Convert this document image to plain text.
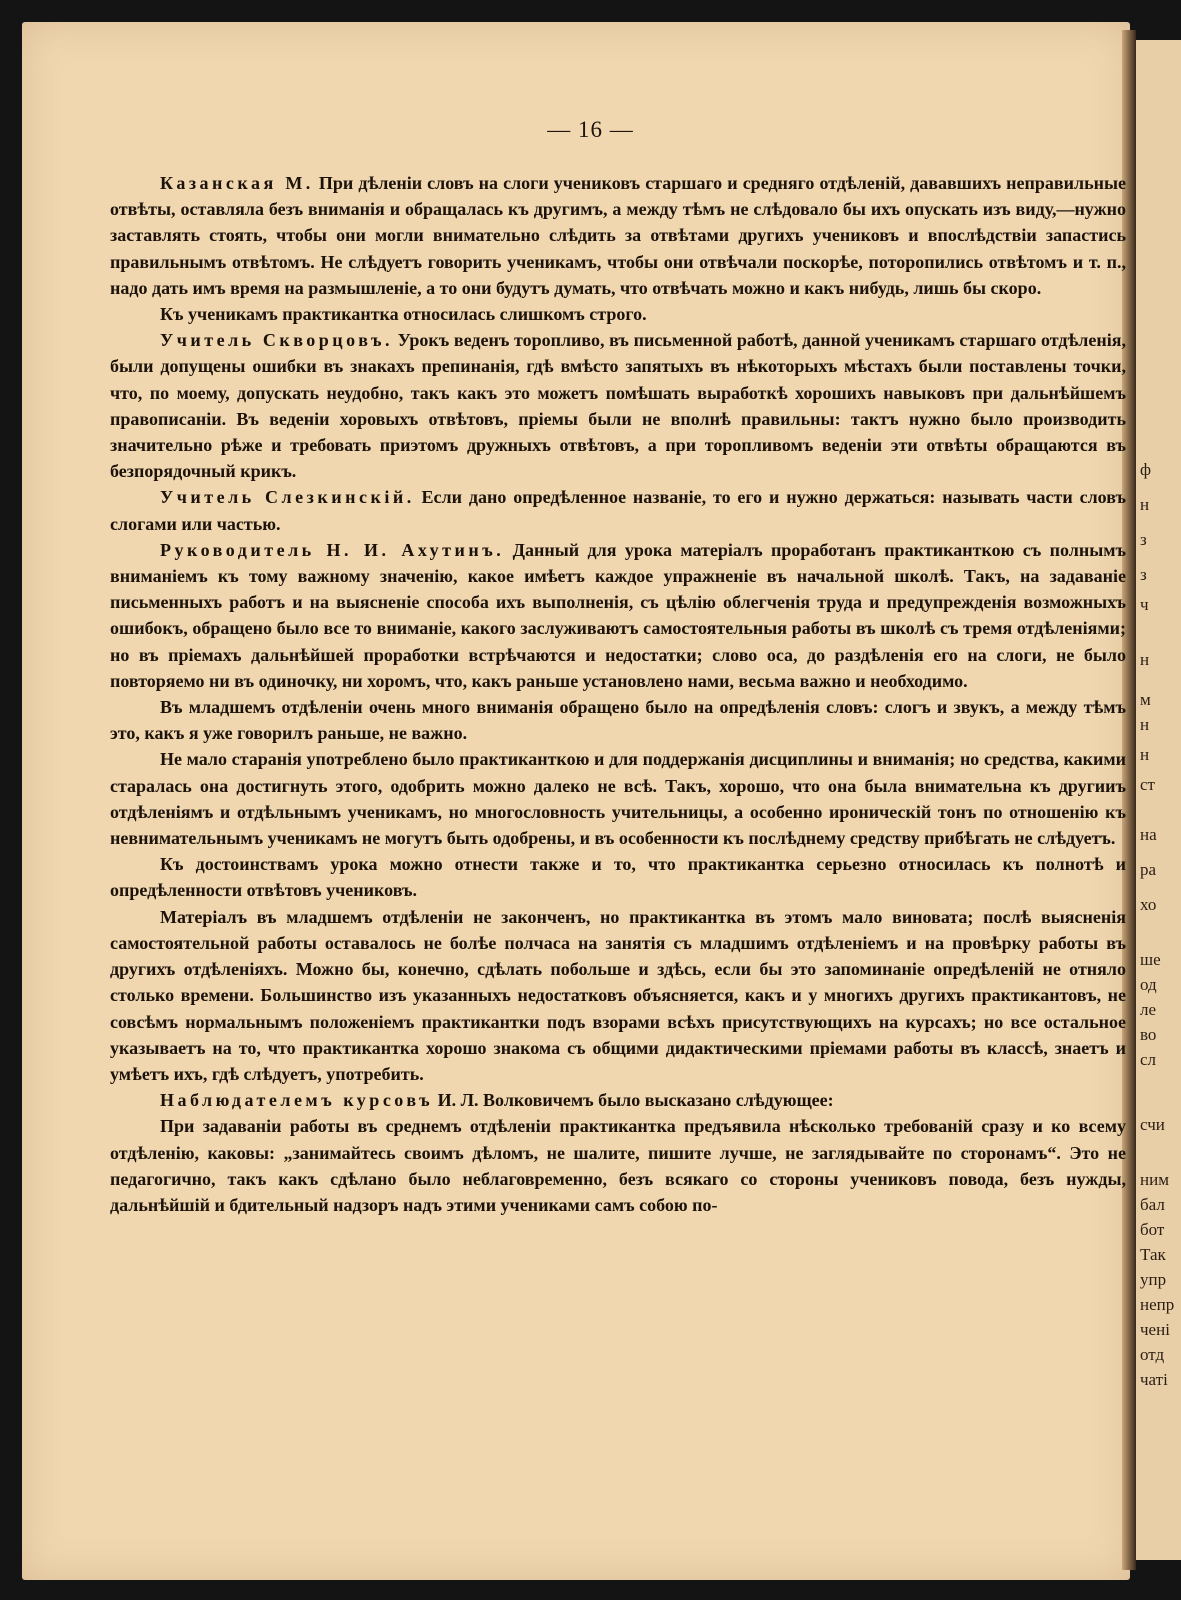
ф
н
з
з
ч
н
м
н
н
ст
на
ра
хо
ше
од
ле
во
сл
счи
ним
бал
бот
Так
упр
непр
чені
отд
чаті
— 16 —

Казанская М. При дѣленіи словъ на слоги учениковъ старшаго и средняго отдѣленій, дававшихъ неправильные отвѣты, оставляла безъ вниманія и обращалась къ другимъ, а между тѣмъ не слѣдовало бы ихъ опускать изъ виду,—нужно заставлять стоять, чтобы они могли внимательно слѣдить за отвѣтами другихъ учениковъ и впослѣдствіи запастись правильнымъ отвѣтомъ. Не слѣдуетъ говорить ученикамъ, чтобы они отвѣчали поскорѣе, поторопились отвѣтомъ и т. п., надо дать имъ время на размышленіе, а то они будутъ думать, что отвѣчать можно и какъ нибудь, лишь бы скоро.

Къ ученикамъ практикантка относилась слишкомъ строго.

Учитель Скворцовъ. Урокъ веденъ торопливо, въ письменной работѣ, данной ученикамъ старшаго отдѣленія, были допущены ошибки въ знакахъ препинанія, гдѣ вмѣсто запятыхъ въ нѣкоторыхъ мѣстахъ были поставлены точки, что, по моему, допускать неудобно, такъ какъ это можетъ помѣшать выработкѣ хорошихъ навыковъ при дальнѣйшемъ правописаніи. Въ веденіи хоровыхъ отвѣтовъ, пріемы были не вполнѣ правильны: тактъ нужно было производить значительно рѣже и требовать приэтомъ дружныхъ отвѣтовъ, а при торопливомъ веденіи эти отвѣты обращаются въ безпорядочный крикъ.

Учитель Слезкинскій. Если дано опредѣленное названіе, то его и нужно держаться: называть части словъ слогами или частью.

Руководитель Н. И. Ахутинъ. Данный для урока матеріалъ проработанъ практиканткою съ полнымъ вниманіемъ къ тому важному значенію, какое имѣетъ каждое упражненіе въ начальной школѣ. Такъ, на задаваніе письменныхъ работъ и на выясненіе способа ихъ выполненія, съ цѣлію облегченія труда и предупрежденія возможныхъ ошибокъ, обращено было все то вниманіе, какого заслуживаютъ самостоятельныя работы въ школѣ съ тремя отдѣленіями; но въ пріемахъ дальнѣйшей проработки встрѣчаются и недостатки; слово оса, до раздѣленія его на слоги, не было повторяемо ни въ одиночку, ни хоромъ, что, какъ раньше установлено нами, весьма важно и необходимо.

Въ младшемъ отдѣленіи очень много вниманія обращено было на опредѣленія словъ: слогъ и звукъ, а между тѣмъ это, какъ я уже говорилъ раньше, не важно.

Не мало старанія употреблено было практиканткою и для поддержанія дисциплины и вниманія; но средства, какими старалась она достигнуть этого, одобрить можно далеко не всѣ. Такъ, хорошо, что она была внимательна къ другииъ отдѣленіямъ и отдѣльнымъ ученикамъ, но многословность учительницы, а особенно ироническій тонъ по отношенію къ невнимательнымъ ученикамъ не могутъ быть одобрены, и въ особенности къ послѣднему средству прибѣгать не слѣдуетъ.

Къ достоинствамъ урока можно отнести также и то, что практикантка серьезно относилась къ полнотѣ и опредѣленности отвѣтовъ учениковъ.

Матеріалъ въ младшемъ отдѣленіи не законченъ, но практикантка въ этомъ мало виновата; послѣ выясненія самостоятельной работы оставалось не болѣе полчаса на занятія съ младшимъ отдѣленіемъ и на провѣрку работы въ другихъ отдѣленіяхъ. Можно бы, конечно, сдѣлать побольше и здѣсь, если бы это запоминаніе опредѣленій не отняло столько времени. Большинство изъ указанныхъ недостатковъ объясняется, какъ и у многихъ другихъ практикантовъ, не совсѣмъ нормальнымъ положеніемъ практикантки подъ взорами всѣхъ присутствующихъ на курсахъ; но все остальное указываетъ на то, что практикантка хорошо знакома съ общими дидактическими пріемами работы въ классѣ, знаетъ и умѣетъ ихъ, гдѣ слѣдуетъ, употребить.

Наблюдателемъ курсовъ И. Л. Волковичемъ было высказано слѣдующее:

При задаваніи работы въ среднемъ отдѣленіи практикантка предъявила нѣсколько требованій сразу и ко всему отдѣленію, каковы: „занимайтесь своимъ дѣломъ, не шалите, пишите лучше, не заглядывайте по сторонамъ“. Это не педагогично, такъ какъ сдѣлано было неблаговременно, безъ всякаго со стороны учениковъ повода, безъ нужды, дальнѣйшій и бдительный надзоръ надъ этими учениками самъ собою по-
